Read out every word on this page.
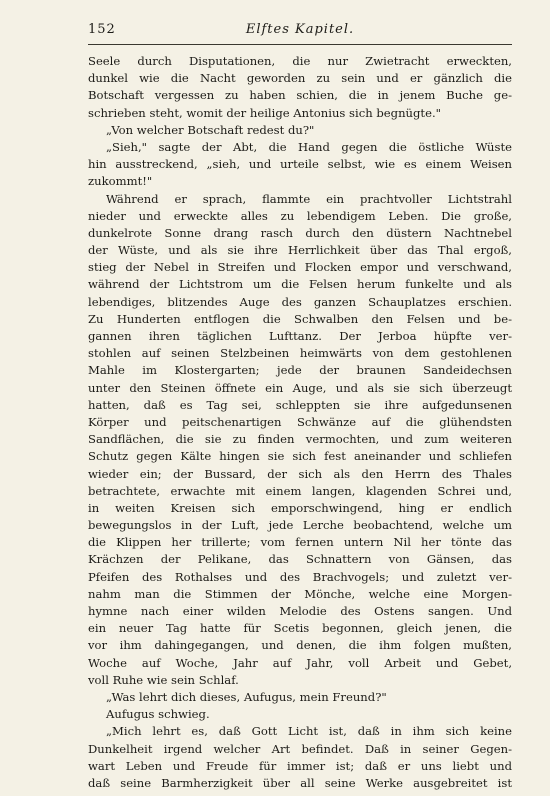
152	Elftes Kapitel.
Seele durch Disputationen, die nur Zwietracht erweckten,
dunkel wie die Nacht geworden zu sein und er gänzlich die
Botschaft vergessen zu haben schien, die in jenem Buche ge-
schrieben steht, womit der heilige Antonius sich begnügte."
„Von welcher Botschaft redest du?"
„Sieh," sagte der Abt, die Hand gegen die östliche Wüste
hin ausstreckend, „sieh, und urteile selbst, wie es einem Weisen
zukommt!"
Während er sprach, flammte ein prachtvoller Lichtstrahl
nieder und erweckte alles zu lebendigem Leben. Die große,
dunkelrote Sonne drang rasch durch den düstern Nachtnebel
der Wüste, und als sie ihre Herrlichkeit über das Thal ergoß,
stieg der Nebel in Streifen und Flocken empor und verschwand,
während der Lichtstrom um die Felsen herum funkelte und als
lebendiges, blitzendes Auge des ganzen Schauplatzes erschien.
Zu Hunderten entflogen die Schwalben den Felsen und be-
gannen ihren täglichen Lufttanz. Der Jerboa hüpfte ver-
stohlen auf seinen Stelzbeinen heimwärts von dem gestohlenen
Mahle im Klostergarten; jede der braunen Sandeidechsen
unter den Steinen öffnete ein Auge, und als sie sich überzeugt
hatten, daß es Tag sei, schleppten sie ihre aufgedunsenen
Körper und peitschenartigen Schwänze auf die glühendsten
Sandflächen, die sie zu finden vermochten, und zum weiteren
Schutz gegen Kälte hingen sie sich fest aneinander und schliefen
wieder ein; der Bussard, der sich als den Herrn des Thales
betrachtete, erwachte mit einem langen, klagenden Schrei und,
in weiten Kreisen sich emporschwingend, hing er endlich
bewegungslos in der Luft, jede Lerche beobachtend, welche um
die Klippen her trillerte; vom fernen untern Nil her tönte das
Krächzen der Pelikane, das Schnattern von Gänsen, das
Pfeifen des Rothalses und des Brachvogels; und zuletzt ver-
nahm man die Stimmen der Mönche, welche eine Morgen-
hymne nach einer wilden Melodie des Ostens sangen. Und
ein neuer Tag hatte für Scetis begonnen, gleich jenen, die
vor ihm dahingegangen, und denen, die ihm folgen mußten,
Woche auf Woche, Jahr auf Jahr, voll Arbeit und Gebet,
voll Ruhe wie sein Schlaf.
„Was lehrt dich dieses, Aufugus, mein Freund?"
Aufugus schwieg.
„Mich lehrt es, daß Gott Licht ist, daß in ihm sich keine
Dunkelheit irgend welcher Art befindet. Daß in seiner Gegen-
wart Leben und Freude für immer ist; daß er uns liebt und
daß seine Barmherzigkeit über all seine Werke ausgebreitet ist
